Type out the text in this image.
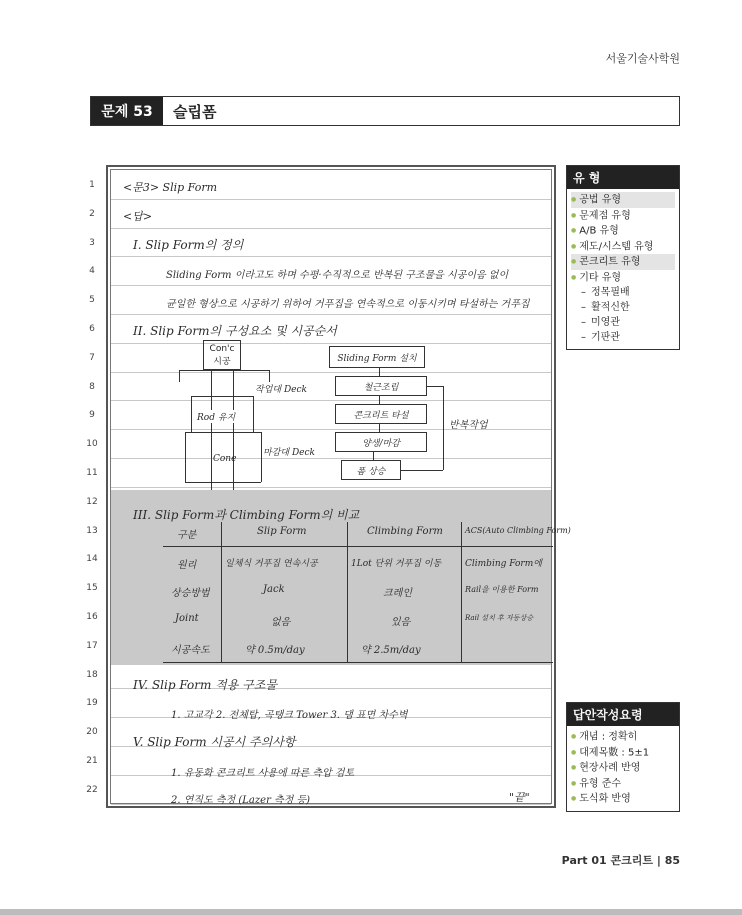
서울기술사학원
문제 53	슬립폼
1
2
3
4
5
6
7
8
9
10
11
12
13
14
15
16
17
18
19
20
21
22
<문3> Slip Form
<답>
I. Slip Form의 정의
Sliding Form 이라고도 하며 수평·수직적으로 반복된 구조물을 시공이음 없이
균일한 형상으로 시공하기 위하여 거푸집을 연속적으로 이동시키며 타설하는 거푸집
II. Slip Form의 구성요소 및 시공순서
Con'c 시공
작업대 Deck
Rod 유지
마감대 Deck
Cone
Sliding Form 설치
철근조립
콘크리트 타설
양생/마감
폼 상승
반복작업
III. Slip Form과 Climbing Form의 비교
구분	Slip Form	Climbing Form	ACS(Auto Climbing Form)
원리	일체식 거푸집 연속시공	1Lot 단위 거푸집 이동	Climbing Form에
상승방법	Jack	크레인	Rail을 이용한 Form
Joint	없음	있음	Rail 설치 후 자동상승
시공속도	약 0.5m/day	약 2.5m/day
IV. Slip Form 적용 구조물
1. 고교각 2. 전체탑, 곡탱크 Tower 3. 댐 표면 차수벽
V. Slip Form 시공시 주의사항
1. 유동화 콘크리트 사용에 따른 측압 검토
2. 연직도 측정 (Lazer 측정 등)	"끝"
유 형
● 공법 유형
● 문제점 유형
● A/B 유형
● 제도/시스템 유형
● 콘크리트 유형
● 기타 유형
– 정목필배
– 활적신한
– 미영관
– 기판관
답안작성요령
● 개념 : 정확히
● 대제목數 : 5±1
● 현장사례 반영
● 유형 준수
● 도식화 반영
Part 01 콘크리트 | 85
